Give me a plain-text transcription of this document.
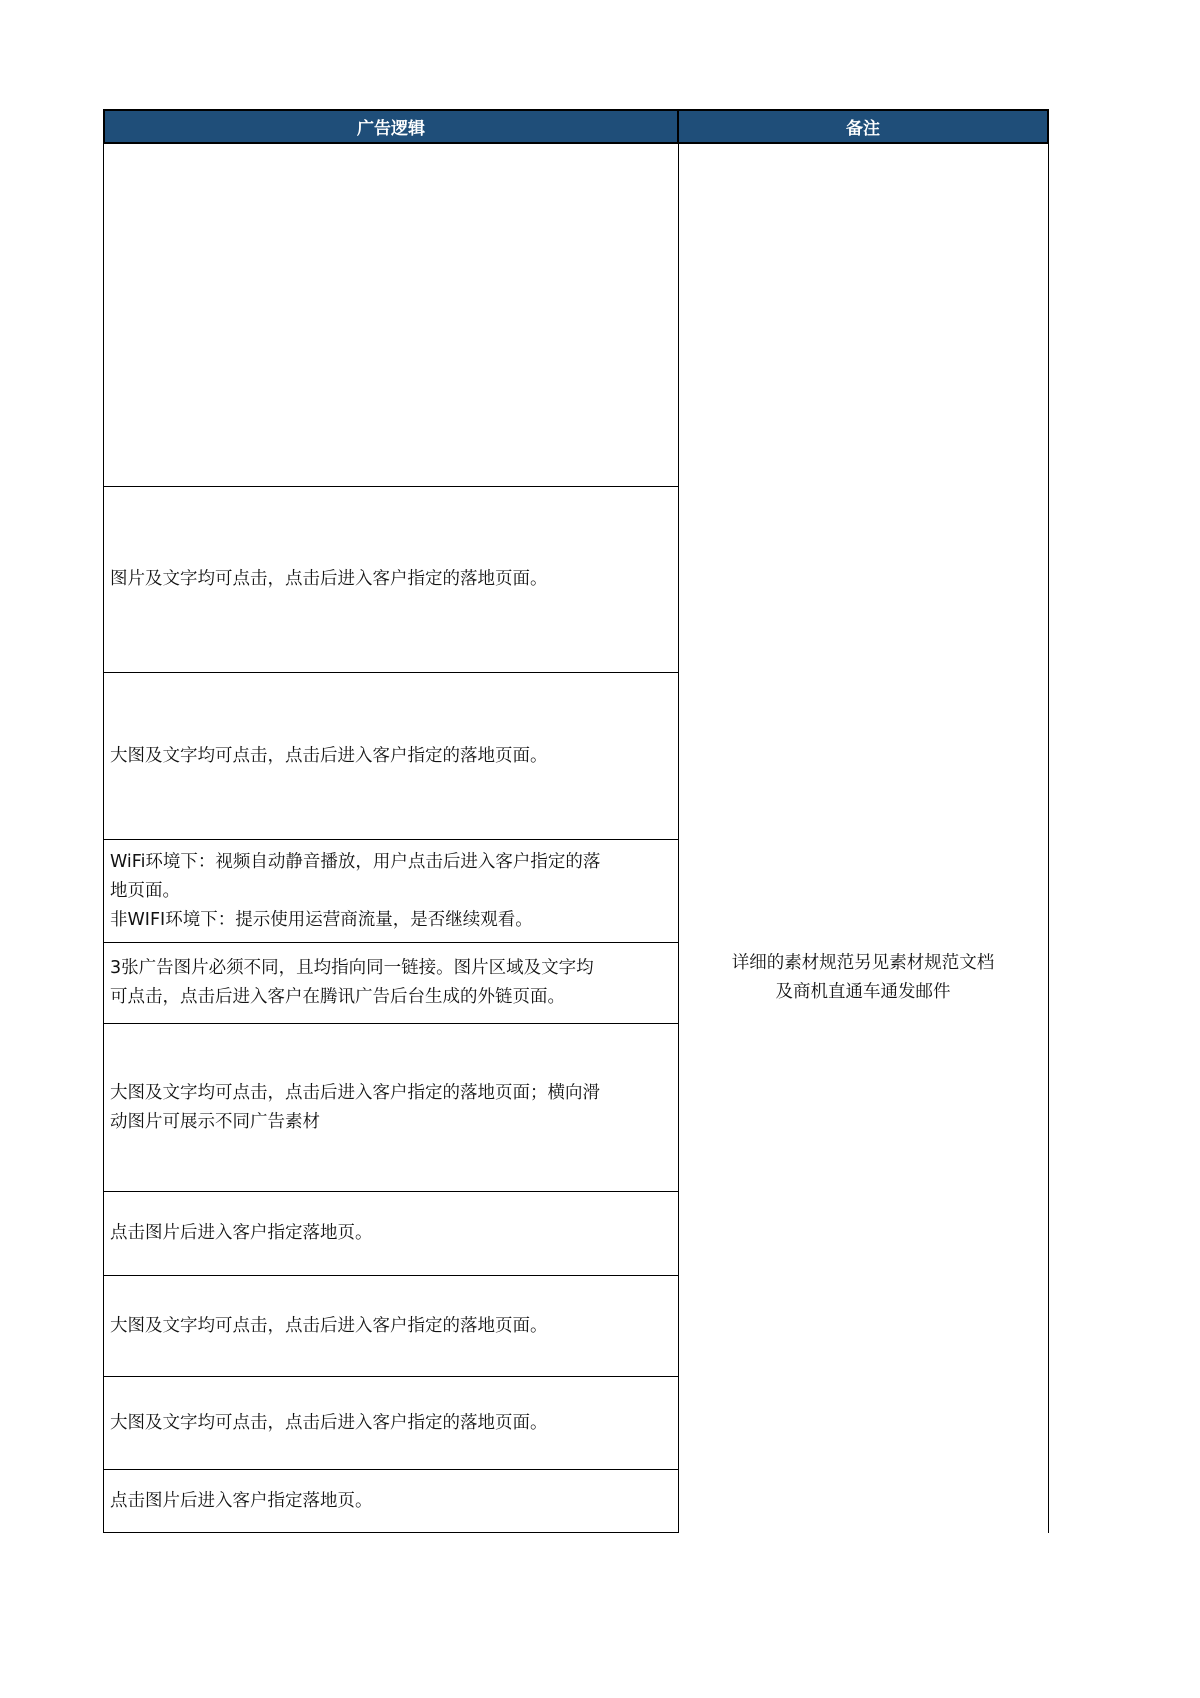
广告逻辑	备注
图片及文字均可点击，点击后进入客户指定的落地页面。
大图及文字均可点击，点击后进入客户指定的落地页面。
WiFi环境下：视频自动静音播放，用户点击后进入客户指定的落
地页面。
非WIFI环境下：提示使用运营商流量，是否继续观看。
3张广告图片必须不同，且均指向同一链接。图片区域及文字均
可点击，点击后进入客户在腾讯广告后台生成的外链页面。
大图及文字均可点击，点击后进入客户指定的落地页面；横向滑
动图片可展示不同广告素材
点击图片后进入客户指定落地页。
大图及文字均可点击，点击后进入客户指定的落地页面。
大图及文字均可点击，点击后进入客户指定的落地页面。
点击图片后进入客户指定落地页。
详细的素材规范另见素材规范文档
及商机直通车通发邮件
